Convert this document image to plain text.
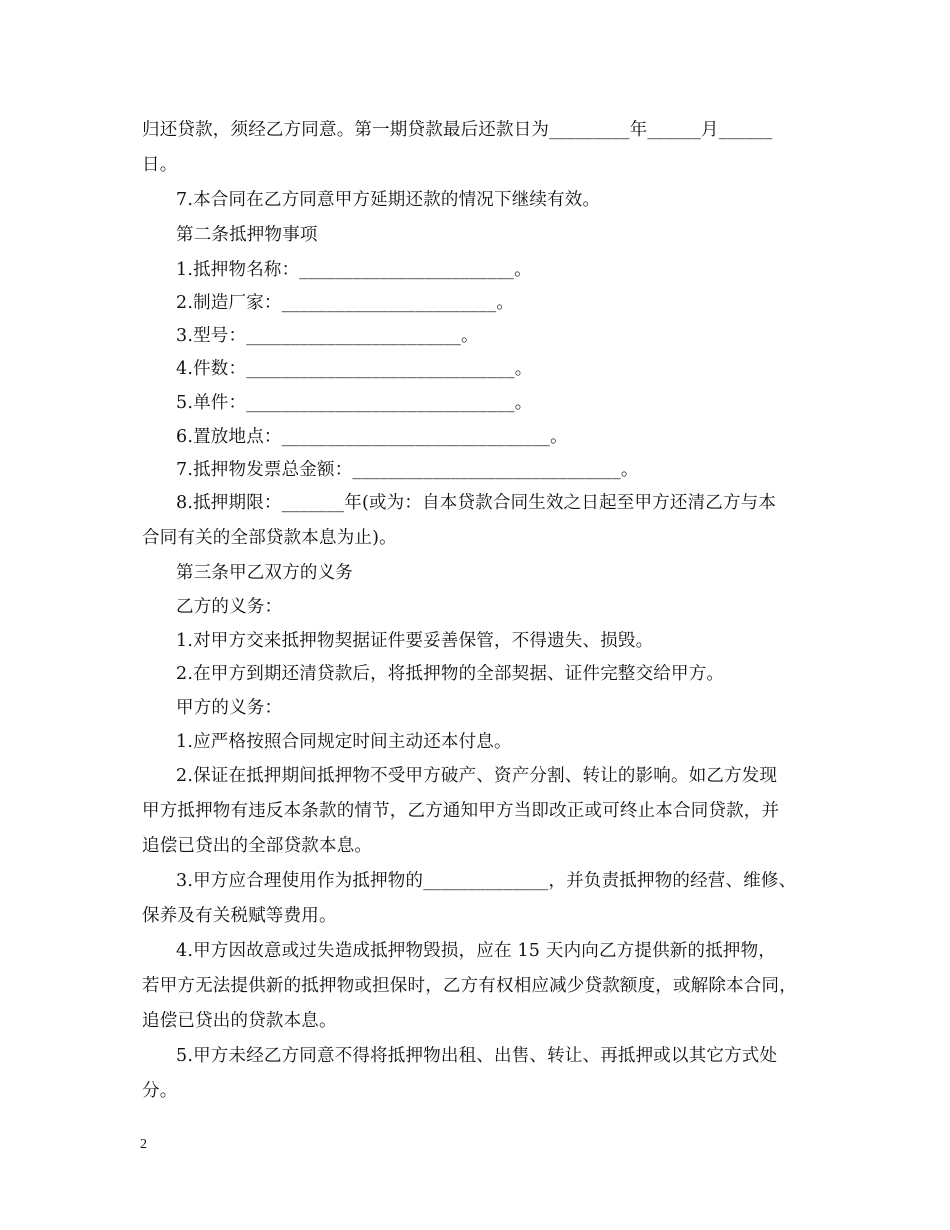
归还贷款，须经乙方同意。第一期贷款最后还款日为_________年______月______
日。
7.本合同在乙方同意甲方延期还款的情况下继续有效。
第二条抵押物事项
1.抵押物名称：________________________。
2.制造厂家：________________________。
3.型号：________________________。
4.件数：______________________________。
5.单件：______________________________。
6.置放地点：______________________________。
7.抵押物发票总金额：______________________________。
8.抵押期限：_______年(或为：自本贷款合同生效之日起至甲方还清乙方与本
合同有关的全部贷款本息为止)。
第三条甲乙双方的义务
乙方的义务：
1.对甲方交来抵押物契据证件要妥善保管，不得遗失、损毁。
2.在甲方到期还清贷款后，将抵押物的全部契据、证件完整交给甲方。
甲方的义务：
1.应严格按照合同规定时间主动还本付息。
2.保证在抵押期间抵押物不受甲方破产、资产分割、转让的影响。如乙方发现
甲方抵押物有违反本条款的情节，乙方通知甲方当即改正或可终止本合同贷款，并
追偿已贷出的全部贷款本息。
3.甲方应合理使用作为抵押物的______________，并负责抵押物的经营、维修、
保养及有关税赋等费用。
4.甲方因故意或过失造成抵押物毁损，应在 15 天内向乙方提供新的抵押物，
若甲方无法提供新的抵押物或担保时，乙方有权相应减少贷款额度，或解除本合同，
追偿已贷出的贷款本息。
5.甲方未经乙方同意不得将抵押物出租、出售、转让、再抵押或以其它方式处
分。
2
